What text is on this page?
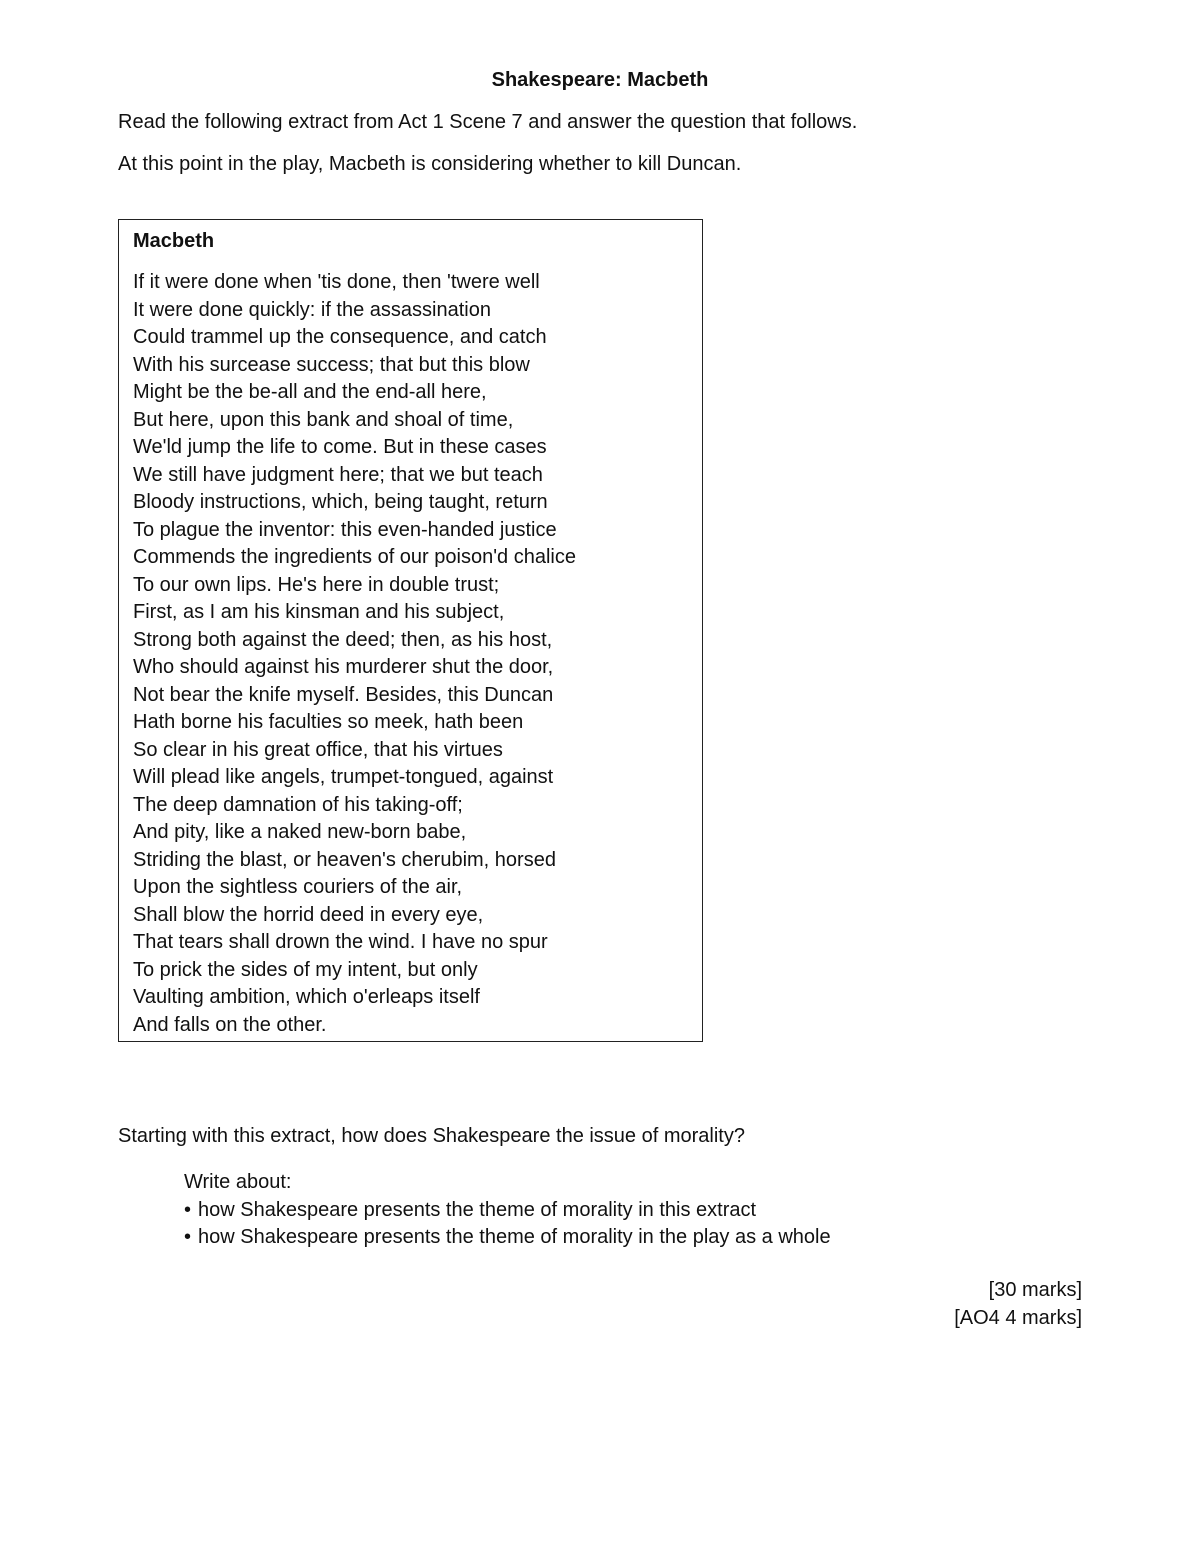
Shakespeare: Macbeth
Read the following extract from Act 1 Scene 7 and answer the question that follows.
At this point in the play, Macbeth is considering whether to kill Duncan.
Macbeth
If it were done when 'tis done, then 'twere well
It were done quickly: if the assassination
Could trammel up the consequence, and catch
With his surcease success; that but this blow
Might be the be-all and the end-all here,
But here, upon this bank and shoal of time,
We'ld jump the life to come. But in these cases
We still have judgment here; that we but teach
Bloody instructions, which, being taught, return
To plague the inventor: this even-handed justice
Commends the ingredients of our poison'd chalice
To our own lips. He's here in double trust;
First, as I am his kinsman and his subject,
Strong both against the deed; then, as his host,
Who should against his murderer shut the door,
Not bear the knife myself. Besides, this Duncan
Hath borne his faculties so meek, hath been
So clear in his great office, that his virtues
Will plead like angels, trumpet-tongued, against
The deep damnation of his taking-off;
And pity, like a naked new-born babe,
Striding the blast, or heaven's cherubim, horsed
Upon the sightless couriers of the air,
Shall blow the horrid deed in every eye,
That tears shall drown the wind. I have no spur
To prick the sides of my intent, but only
Vaulting ambition, which o'erleaps itself
And falls on the other.
Starting with this extract, how does Shakespeare the issue of morality?
Write about:
• how Shakespeare presents the theme of morality in this extract
• how Shakespeare presents the theme of morality in the play as a whole
[30 marks]
[AO4 4 marks]
